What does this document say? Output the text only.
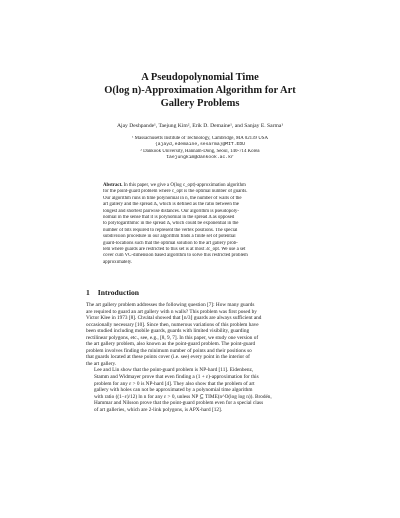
A Pseudopolynomial Time
O(log n)-Approximation Algorithm for Art
Gallery Problems
Ajay Deshpande¹, Taejung Kim², Erik D. Demaine¹, and Sanjay E. Sarma¹
¹ Massachusetts Institute of Technology, Cambridge, MA 02139 USA
{ajayd,edemaine,sesarma}@MIT.EDU
² Dankook University, Hannam-Dong, Seoul, 140-714 Korea
taejungkim@dankook.ac.kr
Abstract. In this paper, we give a O(log c_opt)-approximation algorithm
for the point-guard problem where c_opt is the optimal number of guards.
Our algorithm runs in time polynomial in n, the number of walls of the
art gallery and the spread Δ, which is defined as the ratio between the
longest and shortest pairwise distances. Our algorithm is pseudopoly-
nomial in the sense that it is polynomial in the spread Δ as opposed
to polylogarithmic in the spread Δ, which could be exponential in the
number of bits required to represent the vertex positions. The special
subdivision procedure in our algorithm finds a finite set of potential
guard-locations such that the optimal solution to the art gallery prob-
lem where guards are restricted to this set is at most 3c_opt. We use a set
cover cum VC-dimension based algorithm to solve this restricted problem
approximately.
1 Introduction

The art gallery problem addresses the following question [7]: How many guards
are required to guard an art gallery with n walls? This problem was first posed by
Victor Klee in 1973 [8]. Chvátal showed that ⌊n/3⌋ guards are always sufficient and
occasionally necessary [10]. Since then, numerous variations of this problem have
been studied including mobile guards, guards with limited visibility, guarding
rectilinear polygons, etc., see, e.g., [8, 9, 7]. In this paper, we study one version of
the art gallery problem, also known as the point-guard problem. The point-guard
problem involves finding the minimum number of points and their positions so
that guards located at these points cover (i.e. see) every point in the interior of
the art gallery.

Lee and Lin show that the point-guard problem is NP-hard [11]. Eidenbenz,
Stamm and Widmayer prove that even finding a (1 + ε)-approximation for this
problem for any ε > 0 is NP-hard [4]. They also show that the problem of art
gallery with holes can not be approximated by a polynomial time algorithm
with ratio ((1−ε)/12) ln n for any ε > 0, unless NP ⊆ TIME(n^O(log log n)). Brodén,
Hammar and Nilsson prove that the point-guard problem even for a special class
of art galleries, which are 2-link polygons, is APX-hard [12].
